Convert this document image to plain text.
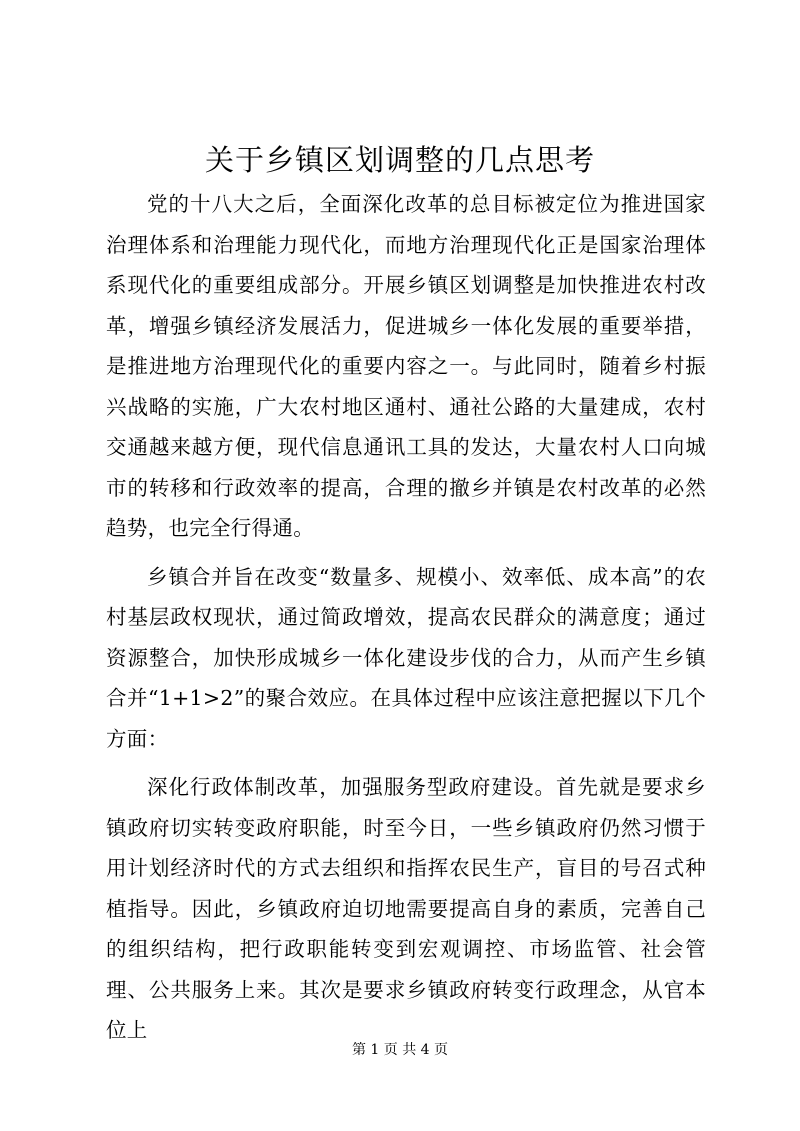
关于乡镇区划调整的几点思考

党的十八大之后，全面深化改革的总目标被定位为推进国家治理体系和治理能力现代化，而地方治理现代化正是国家治理体系现代化的重要组成部分。开展乡镇区划调整是加快推进农村改革，增强乡镇经济发展活力，促进城乡一体化发展的重要举措，是推进地方治理现代化的重要内容之一。与此同时，随着乡村振兴战略的实施，广大农村地区通村、通社公路的大量建成，农村交通越来越方便，现代信息通讯工具的发达，大量农村人口向城市的转移和行政效率的提高，合理的撤乡并镇是农村改革的必然趋势，也完全行得通。

乡镇合并旨在改变“数量多、规模小、效率低、成本高”的农村基层政权现状，通过简政增效，提高农民群众的满意度；通过资源整合，加快形成城乡一体化建设步伐的合力，从而产生乡镇合并“1+1>2”的聚合效应。在具体过程中应该注意把握以下几个方面：

深化行政体制改革，加强服务型政府建设。首先就是要求乡镇政府切实转变政府职能，时至今日，一些乡镇政府仍然习惯于用计划经济时代的方式去组织和指挥农民生产，盲目的号召式种植指导。因此，乡镇政府迫切地需要提高自身的素质，完善自己的组织结构，把行政职能转变到宏观调控、市场监管、社会管理、公共服务上来。其次是要求乡镇政府转变行政理念，从官本位上

第 1 页 共 4 页
